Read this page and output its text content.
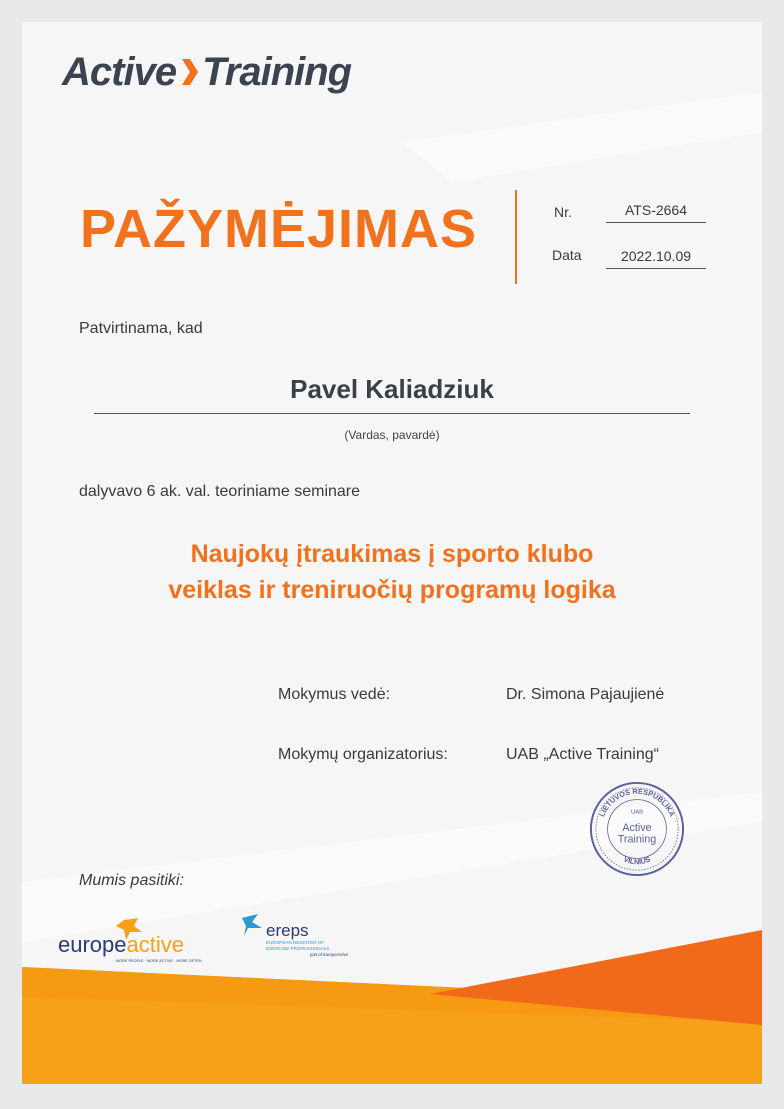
Active Training
PAŽYMĖJIMAS	Nr.	ATS-2664
Data	2022.10.09
Patvirtinama, kad
Pavel Kaliadziuk
(Vardas, pavardė)
dalyvavo 6 ak. val. teoriniame seminare
Naujokų įtraukimas į sporto klubo
veiklas ir treniruočių programų logika
Mokymus vedė:	Dr. Simona Pajaujienė
Mokymų organizatorius:	UAB „Active Training“
LIETUVOS RESPUBLIKA
VILNIUS
UAB
Active
Training
Mumis pasitiki:
europeactive
MORE PEOPLE · MORE ACTIVE · MORE OFTEN
ereps
EUROPEAN REGISTER OF
EXERCISE PROFESSIONALS
part of EuropeActive
